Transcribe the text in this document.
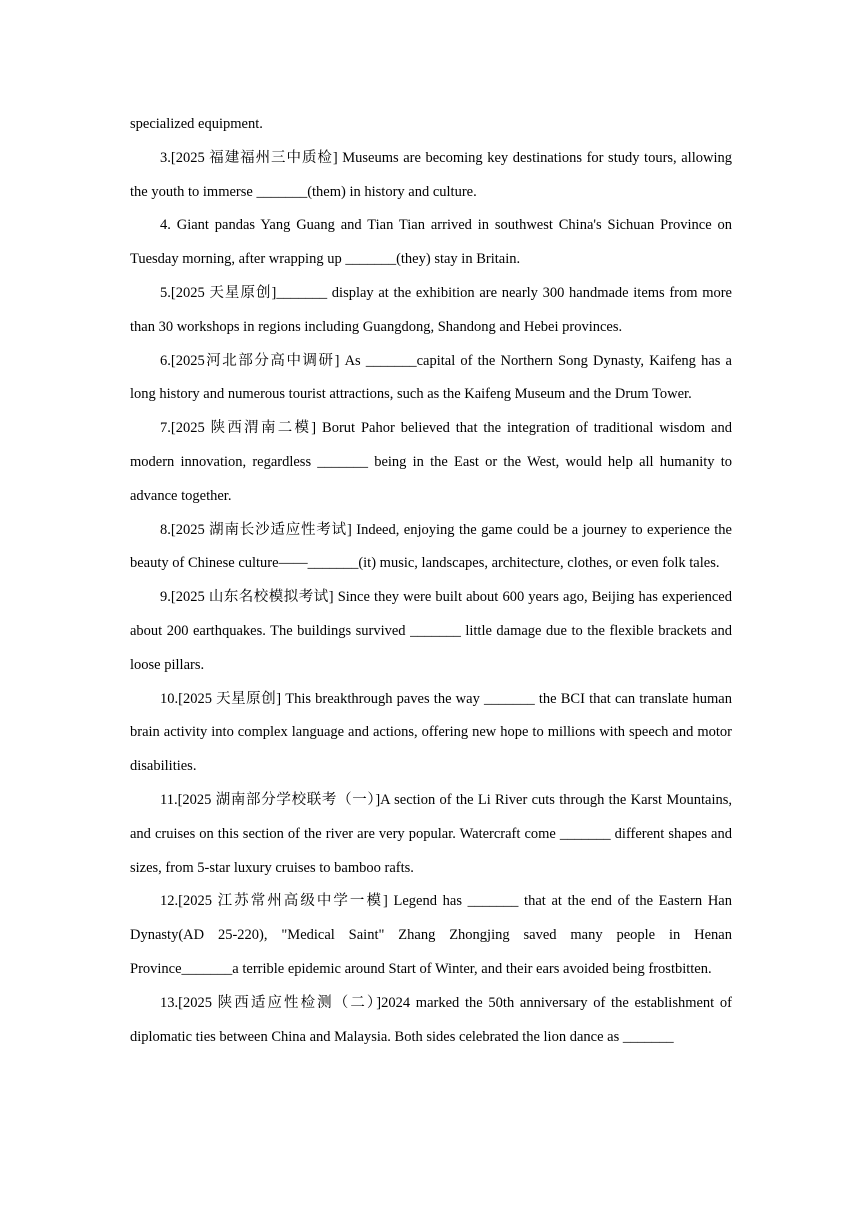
specialized equipment.

3.[2025 福建福州三中质检] Museums are becoming key destinations for study tours, allowing the youth to immerse _______(them) in history and culture.

4. Giant pandas Yang Guang and Tian Tian arrived in southwest China's Sichuan Province on Tuesday morning, after wrapping up _______(they) stay in Britain.

5.[2025 天星原创]_______ display at the exhibition are nearly 300 handmade items from more than 30 workshops in regions including Guangdong, Shandong and Hebei provinces.

6.[2025河北部分高中调研] As _______capital of the Northern Song Dynasty, Kaifeng has a long history and numerous tourist attractions, such as the Kaifeng Museum and the Drum Tower.

7.[2025 陕西渭南二模] Borut Pahor believed that the integration of traditional wisdom and modern innovation, regardless _______ being in the East or the West, would help all humanity to advance together.

8.[2025 湖南长沙适应性考试] Indeed, enjoying the game could be a journey to experience the beauty of Chinese culture——_______(it) music, landscapes, architecture, clothes, or even folk tales.

9.[2025 山东名校模拟考试] Since they were built about 600 years ago, Beijing has experienced about 200 earthquakes. The buildings survived _______ little damage due to the flexible brackets and loose pillars.

10.[2025 天星原创] This breakthrough paves the way _______ the BCI that can translate human brain activity into complex language and actions, offering new hope to millions with speech and motor disabilities.

11.[2025 湖南部分学校联考（一）]A section of the Li River cuts through the Karst Mountains, and cruises on this section of the river are very popular. Watercraft come _______ different shapes and sizes, from 5-star luxury cruises to bamboo rafts.

12.[2025 江苏常州高级中学一模] Legend has _______ that at the end of the Eastern Han Dynasty(AD 25-220), "Medical Saint" Zhang Zhongjing saved many people in Henan Province_______a terrible epidemic around Start of Winter, and their ears avoided being frostbitten.

13.[2025 陕西适应性检测（二）]2024 marked the 50th anniversary of the establishment of diplomatic ties between China and Malaysia. Both sides celebrated the lion dance as _______
